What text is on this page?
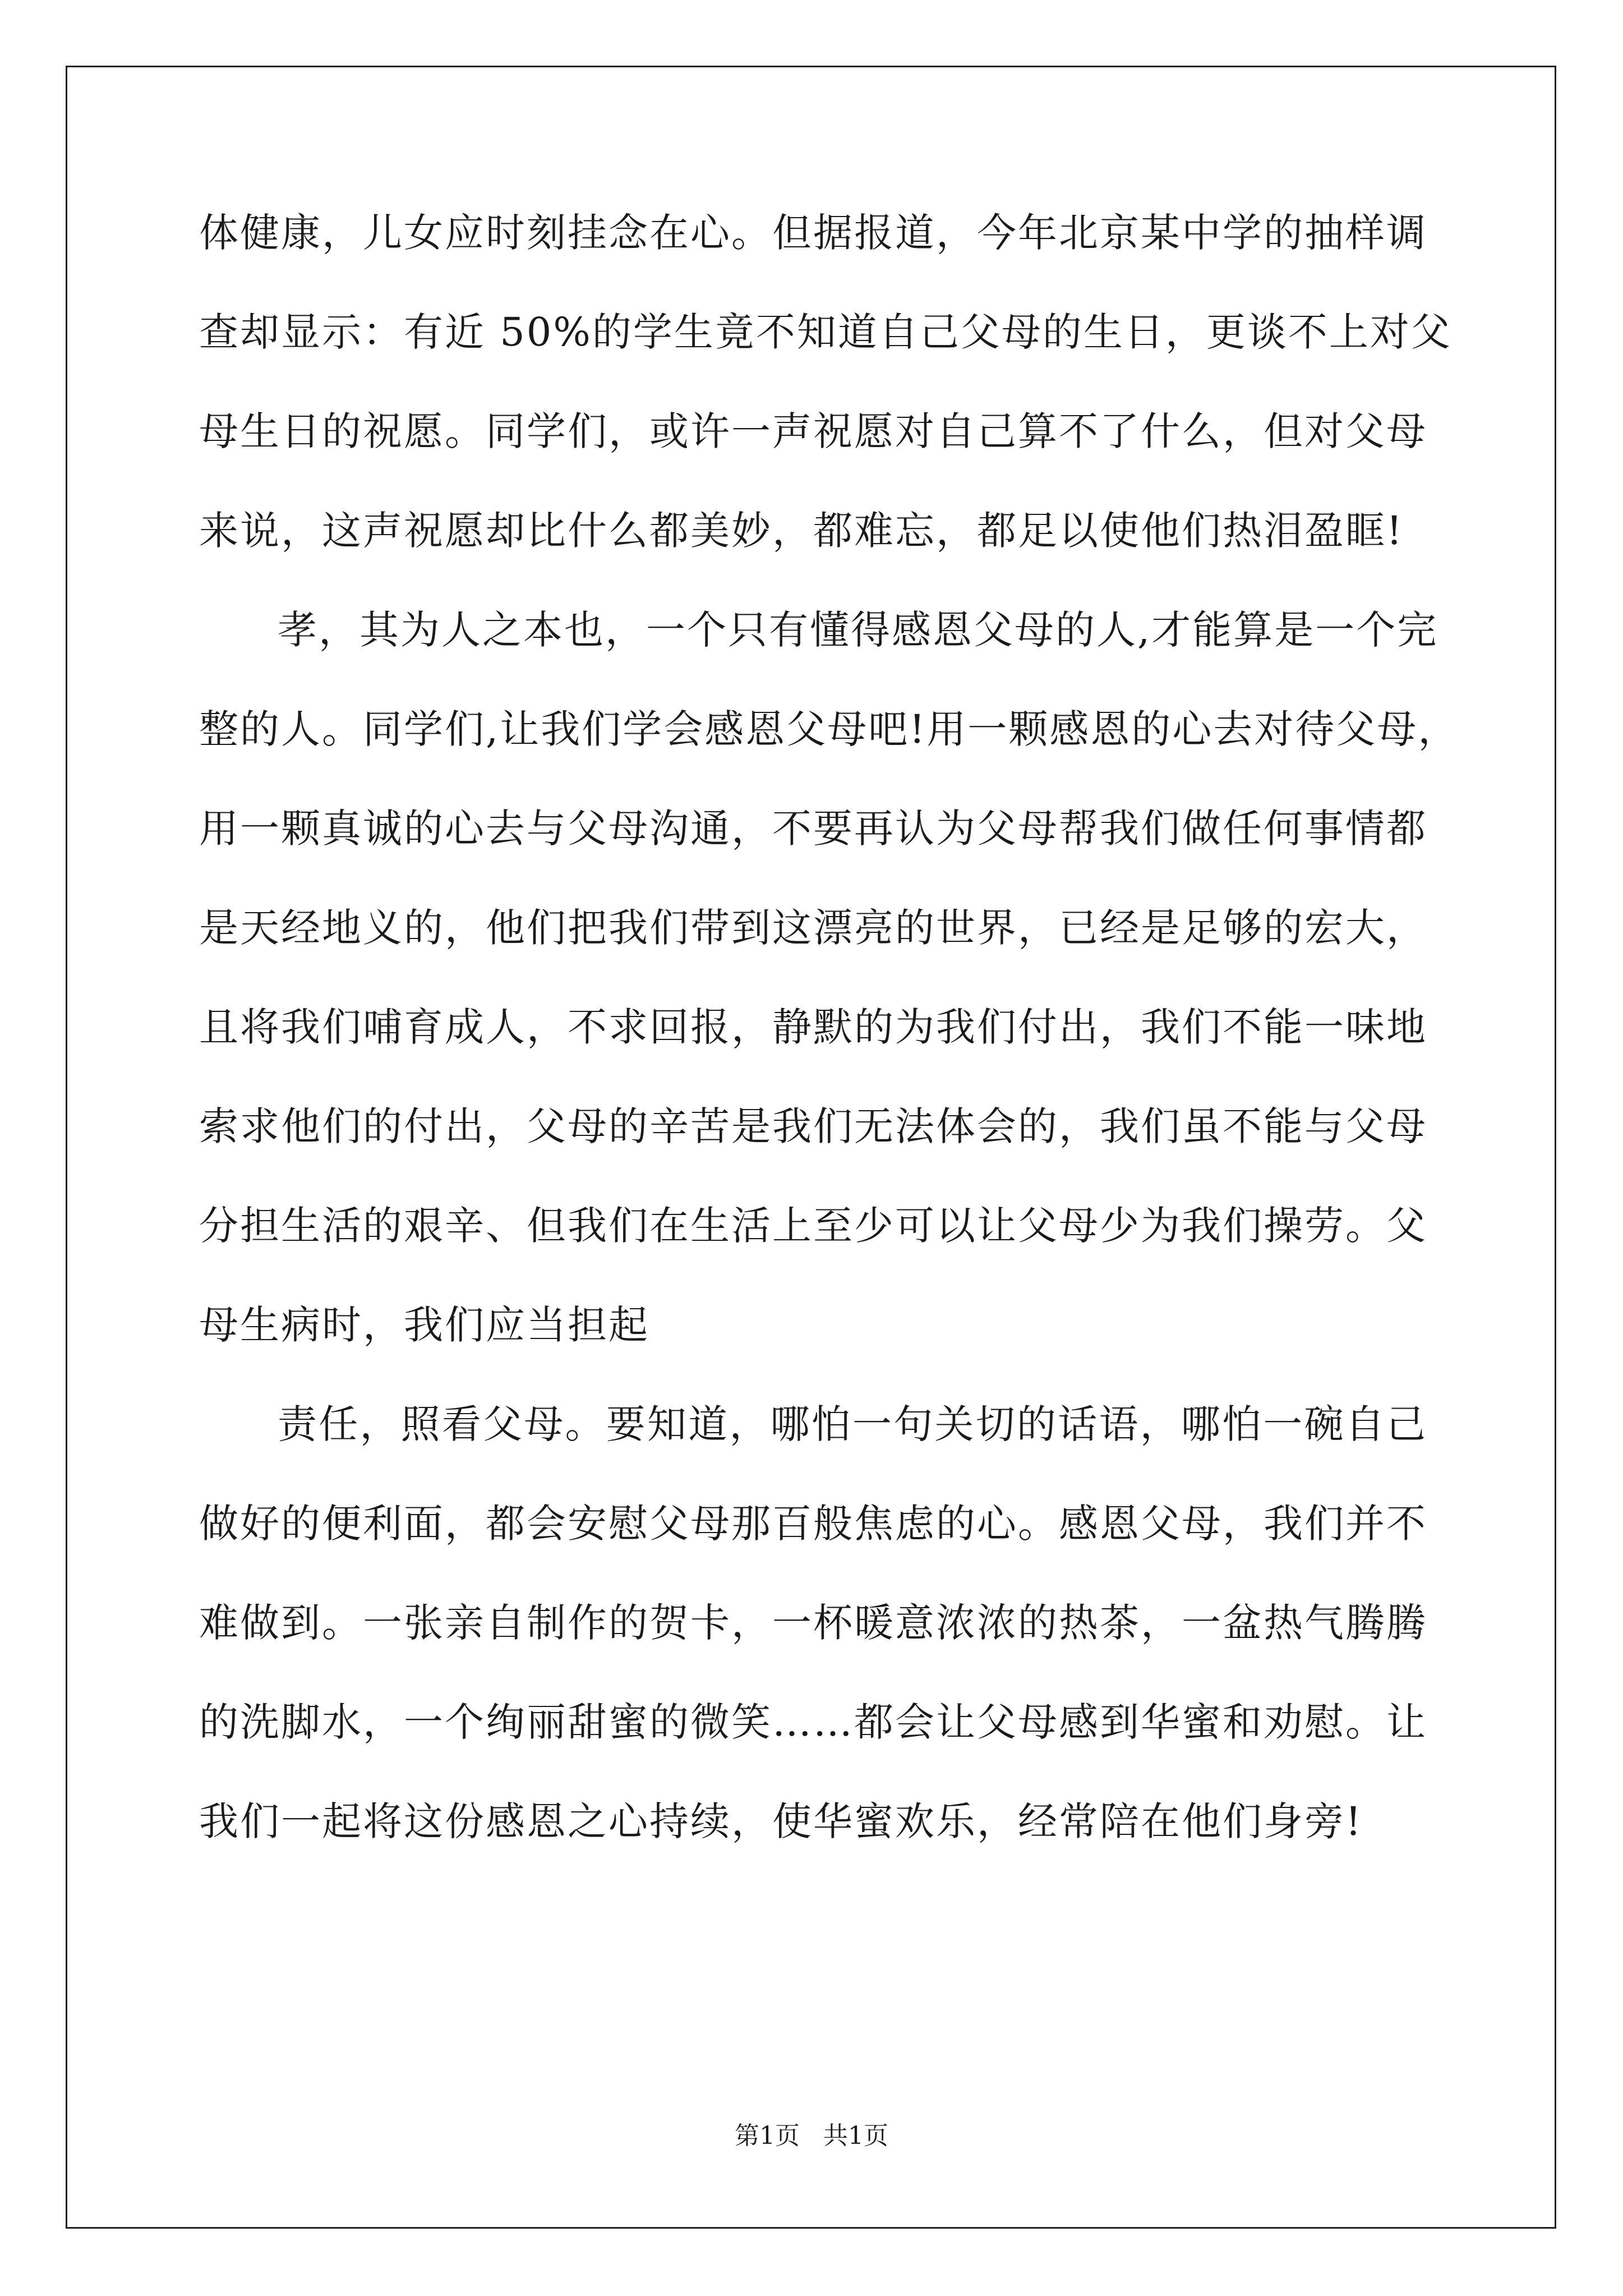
体健康，儿女应时刻挂念在心。但据报道，今年北京某中学的抽样调
查却显示：有近 50%的学生竟不知道自己父母的生日，更谈不上对父
母生日的祝愿。同学们，或许一声祝愿对自己算不了什么，但对父母
来说，这声祝愿却比什么都美妙，都难忘，都足以使他们热泪盈眶!
孝，其为人之本也，一个只有懂得感恩父母的人,才能算是一个完
整的人。同学们,让我们学会感恩父母吧!用一颗感恩的心去对待父母，
用一颗真诚的心去与父母沟通，不要再认为父母帮我们做任何事情都
是天经地义的，他们把我们带到这漂亮的世界，已经是足够的宏大，
且将我们哺育成人，不求回报，静默的为我们付出，我们不能一味地
索求他们的付出，父母的辛苦是我们无法体会的，我们虽不能与父母
分担生活的艰辛、但我们在生活上至少可以让父母少为我们操劳。父
母生病时，我们应当担起
责任，照看父母。要知道，哪怕一句关切的话语，哪怕一碗自己
做好的便利面，都会安慰父母那百般焦虑的心。感恩父母，我们并不
难做到。一张亲自制作的贺卡，一杯暖意浓浓的热茶，一盆热气腾腾
的洗脚水，一个绚丽甜蜜的微笑……都会让父母感到华蜜和劝慰。让
我们一起将这份感恩之心持续，使华蜜欢乐，经常陪在他们身旁!
第1页   共1页
